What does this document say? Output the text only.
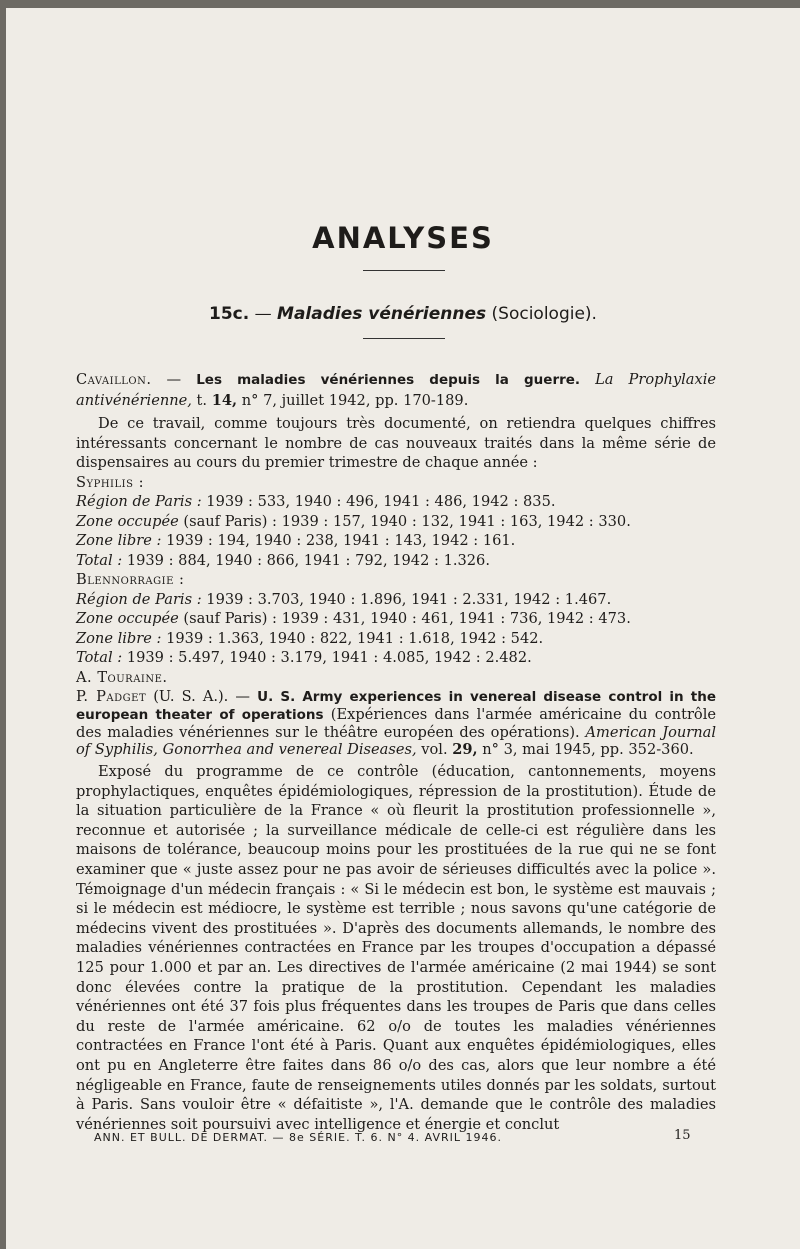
ANALYSES
15c. — Maladies vénériennes (Sociologie).

Cavaillon. — Les maladies vénériennes depuis la guerre. La Prophylaxie antivénérienne, t. 14, n° 7, juillet 1942, pp. 170-189.

De ce travail, comme toujours très documenté, on retiendra quelques chiffres intéressants concernant le nombre de cas nouveaux traités dans la même série de dispensaires au cours du premier trimestre de chaque année :

Syphilis :
Région de Paris : 1939 : 533, 1940 : 496, 1941 : 486, 1942 : 835.
Zone occupée (sauf Paris) : 1939 : 157, 1940 : 132, 1941 : 163, 1942 : 330.
Zone libre : 1939 : 194, 1940 : 238, 1941 : 143, 1942 : 161.
Total : 1939 : 884, 1940 : 866, 1941 : 792, 1942 : 1.326.
Blennorragie :
Région de Paris : 1939 : 3.703, 1940 : 1.896, 1941 : 2.331, 1942 : 1.467.
Zone occupée (sauf Paris) : 1939 : 431, 1940 : 461, 1941 : 736, 1942 : 473.
Zone libre : 1939 : 1.363, 1940 : 822, 1941 : 1.618, 1942 : 542.
Total : 1939 : 5.497, 1940 : 3.179, 1941 : 4.085, 1942 : 2.482.

A. Touraine.

P. Padget (U. S. A.). — U. S. Army experiences in venereal disease control in the european theater of operations (Expériences dans l'armée américaine du contrôle des maladies vénériennes sur le théâtre européen des opérations). American Journal of Syphilis, Gonorrhea and venereal Diseases, vol. 29, n° 3, mai 1945, pp. 352-360.

Exposé du programme de ce contrôle (éducation, cantonnements, moyens prophylactiques, enquêtes épidémiologiques, répression de la prostitution). Étude de la situation particulière de la France « où fleurit la prostitution professionnelle », reconnue et autorisée ; la surveillance médicale de celle-ci est régulière dans les maisons de tolérance, beaucoup moins pour les prostituées de la rue qui ne se font examiner que « juste assez pour ne pas avoir de sérieuses difficultés avec la police ». Témoignage d'un médecin français : « Si le médecin est bon, le système est mauvais ; si le médecin est médiocre, le système est terrible ; nous savons qu'une catégorie de médecins vivent des prostituées ». D'après des documents allemands, le nombre des maladies vénériennes contractées en France par les troupes d'occupation a dépassé 125 pour 1.000 et par an. Les directives de l'armée américaine (2 mai 1944) se sont donc élevées contre la pratique de la prostitution. Cependant les maladies vénériennes ont été 37 fois plus fréquentes dans les troupes de Paris que dans celles du reste de l'armée américaine. 62 o/o de toutes les maladies vénériennes contractées en France l'ont été à Paris. Quant aux enquêtes épidémiologiques, elles ont pu en Angleterre être faites dans 86 o/o des cas, alors que leur nombre a été négligeable en France, faute de renseignements utiles donnés par les soldats, surtout à Paris. Sans vouloir être « défaitiste », l'A. demande que le contrôle des maladies vénériennes soit poursuivi avec intelligence et énergie et conclut

ANN. ET BULL. DE DERMAT. — 8e SÉRIE. T. 6. N° 4. AVRIL 1946.	15
